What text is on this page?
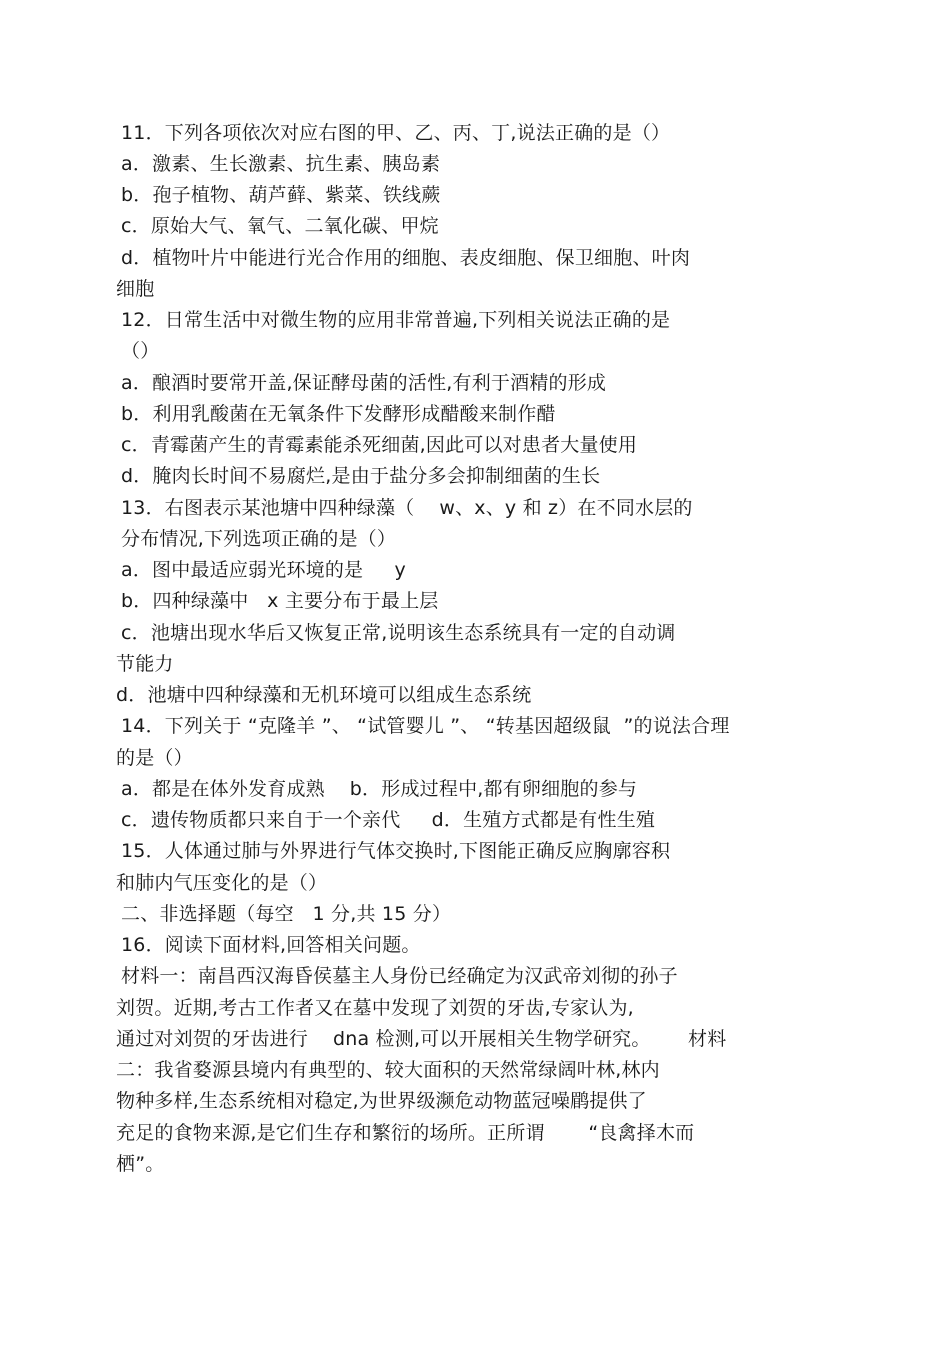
11．下列各项依次对应右图的甲、乙、丙、丁,说法正确的是（）
a．激素、生长激素、抗生素、胰岛素
b．孢子植物、葫芦藓、紫菜、铁线蕨
c．原始大气、氧气、二氧化碳、甲烷
d．植物叶片中能进行光合作用的细胞、表皮细胞、保卫细胞、叶肉
细胞
12．日常生活中对微生物的应用非常普遍,下列相关说法正确的是
（）
a．酿酒时要常开盖,保证酵母菌的活性,有利于酒精的形成
b．利用乳酸菌在无氧条件下发酵形成醋酸来制作醋
c．青霉菌产生的青霉素能杀死细菌,因此可以对患者大量使用
d．腌肉长时间不易腐烂,是由于盐分多会抑制细菌的生长
13．右图表示某池塘中四种绿藻（    w、x、y 和 z）在不同水层的
分布情况,下列选项正确的是（）
a．图中最适应弱光环境的是     y
b．四种绿藻中   x 主要分布于最上层
c．池塘出现水华后又恢复正常,说明该生态系统具有一定的自动调
节能力
d．池塘中四种绿藻和无机环境可以组成生态系统
14．下列关于 “克隆羊 ”、 “试管婴儿 ”、 “转基因超级鼠  ”的说法合理
的是（）
a．都是在体外发育成熟    b．形成过程中,都有卵细胞的参与
c．遗传物质都只来自于一个亲代     d．生殖方式都是有性生殖
15．人体通过肺与外界进行气体交换时,下图能正确反应胸廓容积
和肺内气压变化的是（）
二、非选择题（每空   1 分,共 15 分）
16．阅读下面材料,回答相关问题。
材料一：南昌西汉海昏侯墓主人身份已经确定为汉武帝刘彻的孙子
刘贺。近期,考古工作者又在墓中发现了刘贺的牙齿,专家认为,
通过对刘贺的牙齿进行    dna 检测,可以开展相关生物学研究。      材料
二：我省婺源县境内有典型的、较大面积的天然常绿阔叶林,林内
物种多样,生态系统相对稳定,为世界级濒危动物蓝冠噪鹛提供了
充足的食物来源,是它们生存和繁衍的场所。正所谓       “良禽择木而
栖”。
